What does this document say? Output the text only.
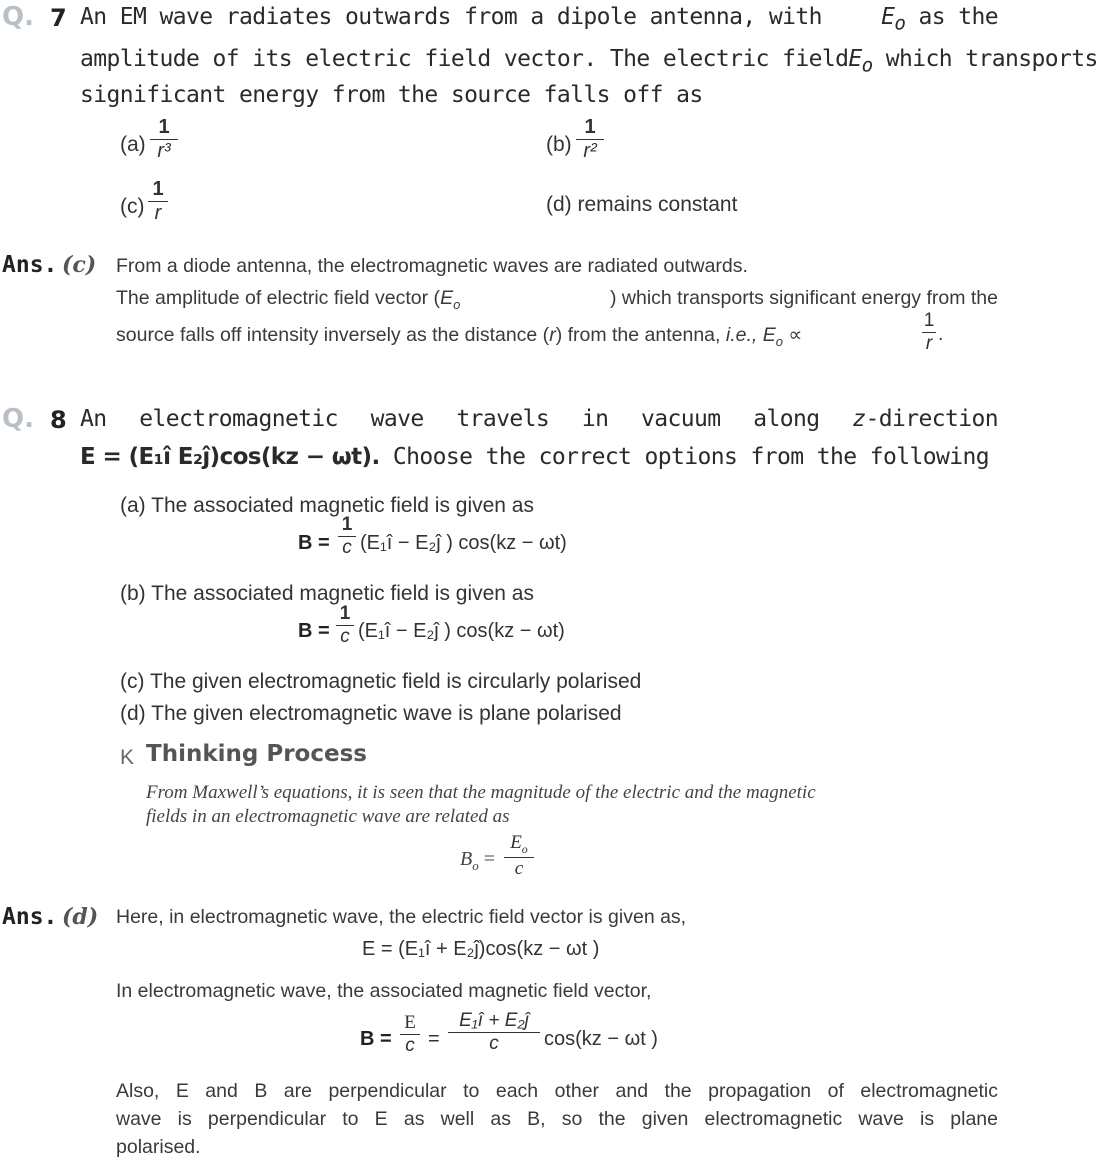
Q. 7 An EM wave radiates outwards from a dipole antenna, with	$E_o$ as the
amplitude of its electric field vector. The electric field $E_o$ which transports
significant energy from the source falls off as
(a)
1
r³	(b)
1
r²
(c)
1
r	(d) remains constant
Ans. (c) From a diode antenna, the electromagnetic waves are radiated outwards.
The amplitude of electric field vector ($E_o$	) which transports significant energy from the
source falls off intensity inversely as the distance (r) from the antenna, i.e., $E_o$ ∝
1
r .
Q. 8 An electromagnetic wave travels in vacuum along z-direction
E = (E₁î E₂ĵ)cos(kz − ωt). Choose the correct options from the following
(a) The associated magnetic field is given as
B =
1
c (E₁î − E₂ĵ ) cos(kz − ωt)
(b) The associated magnetic field is given as
B =
1
c (E₁î − E₂ĵ ) cos(kz − ωt)
(c) The given electromagnetic field is circularly polarised
(d) The given electromagnetic wave is plane polarised
K Thinking Process
From Maxwell’s equations, it is seen that the magnitude of the electric and the magnetic
fields in an electromagnetic wave are related as
$B_o$ =
$E_o$
c
Ans. (d) Here, in electromagnetic wave, the electric field vector is given as,
E = (E₁î + E₂ĵ)cos(kz − ωt )
In electromagnetic wave, the associated magnetic field vector,
B =
E
c =
E₁î + E₂ĵ
c	cos(kz − ωt )
Also, E and B are perpendicular to each other and the propagation of electromagnetic
wave is perpendicular to E as well as B, so the given electromagnetic wave is plane
polarised.
